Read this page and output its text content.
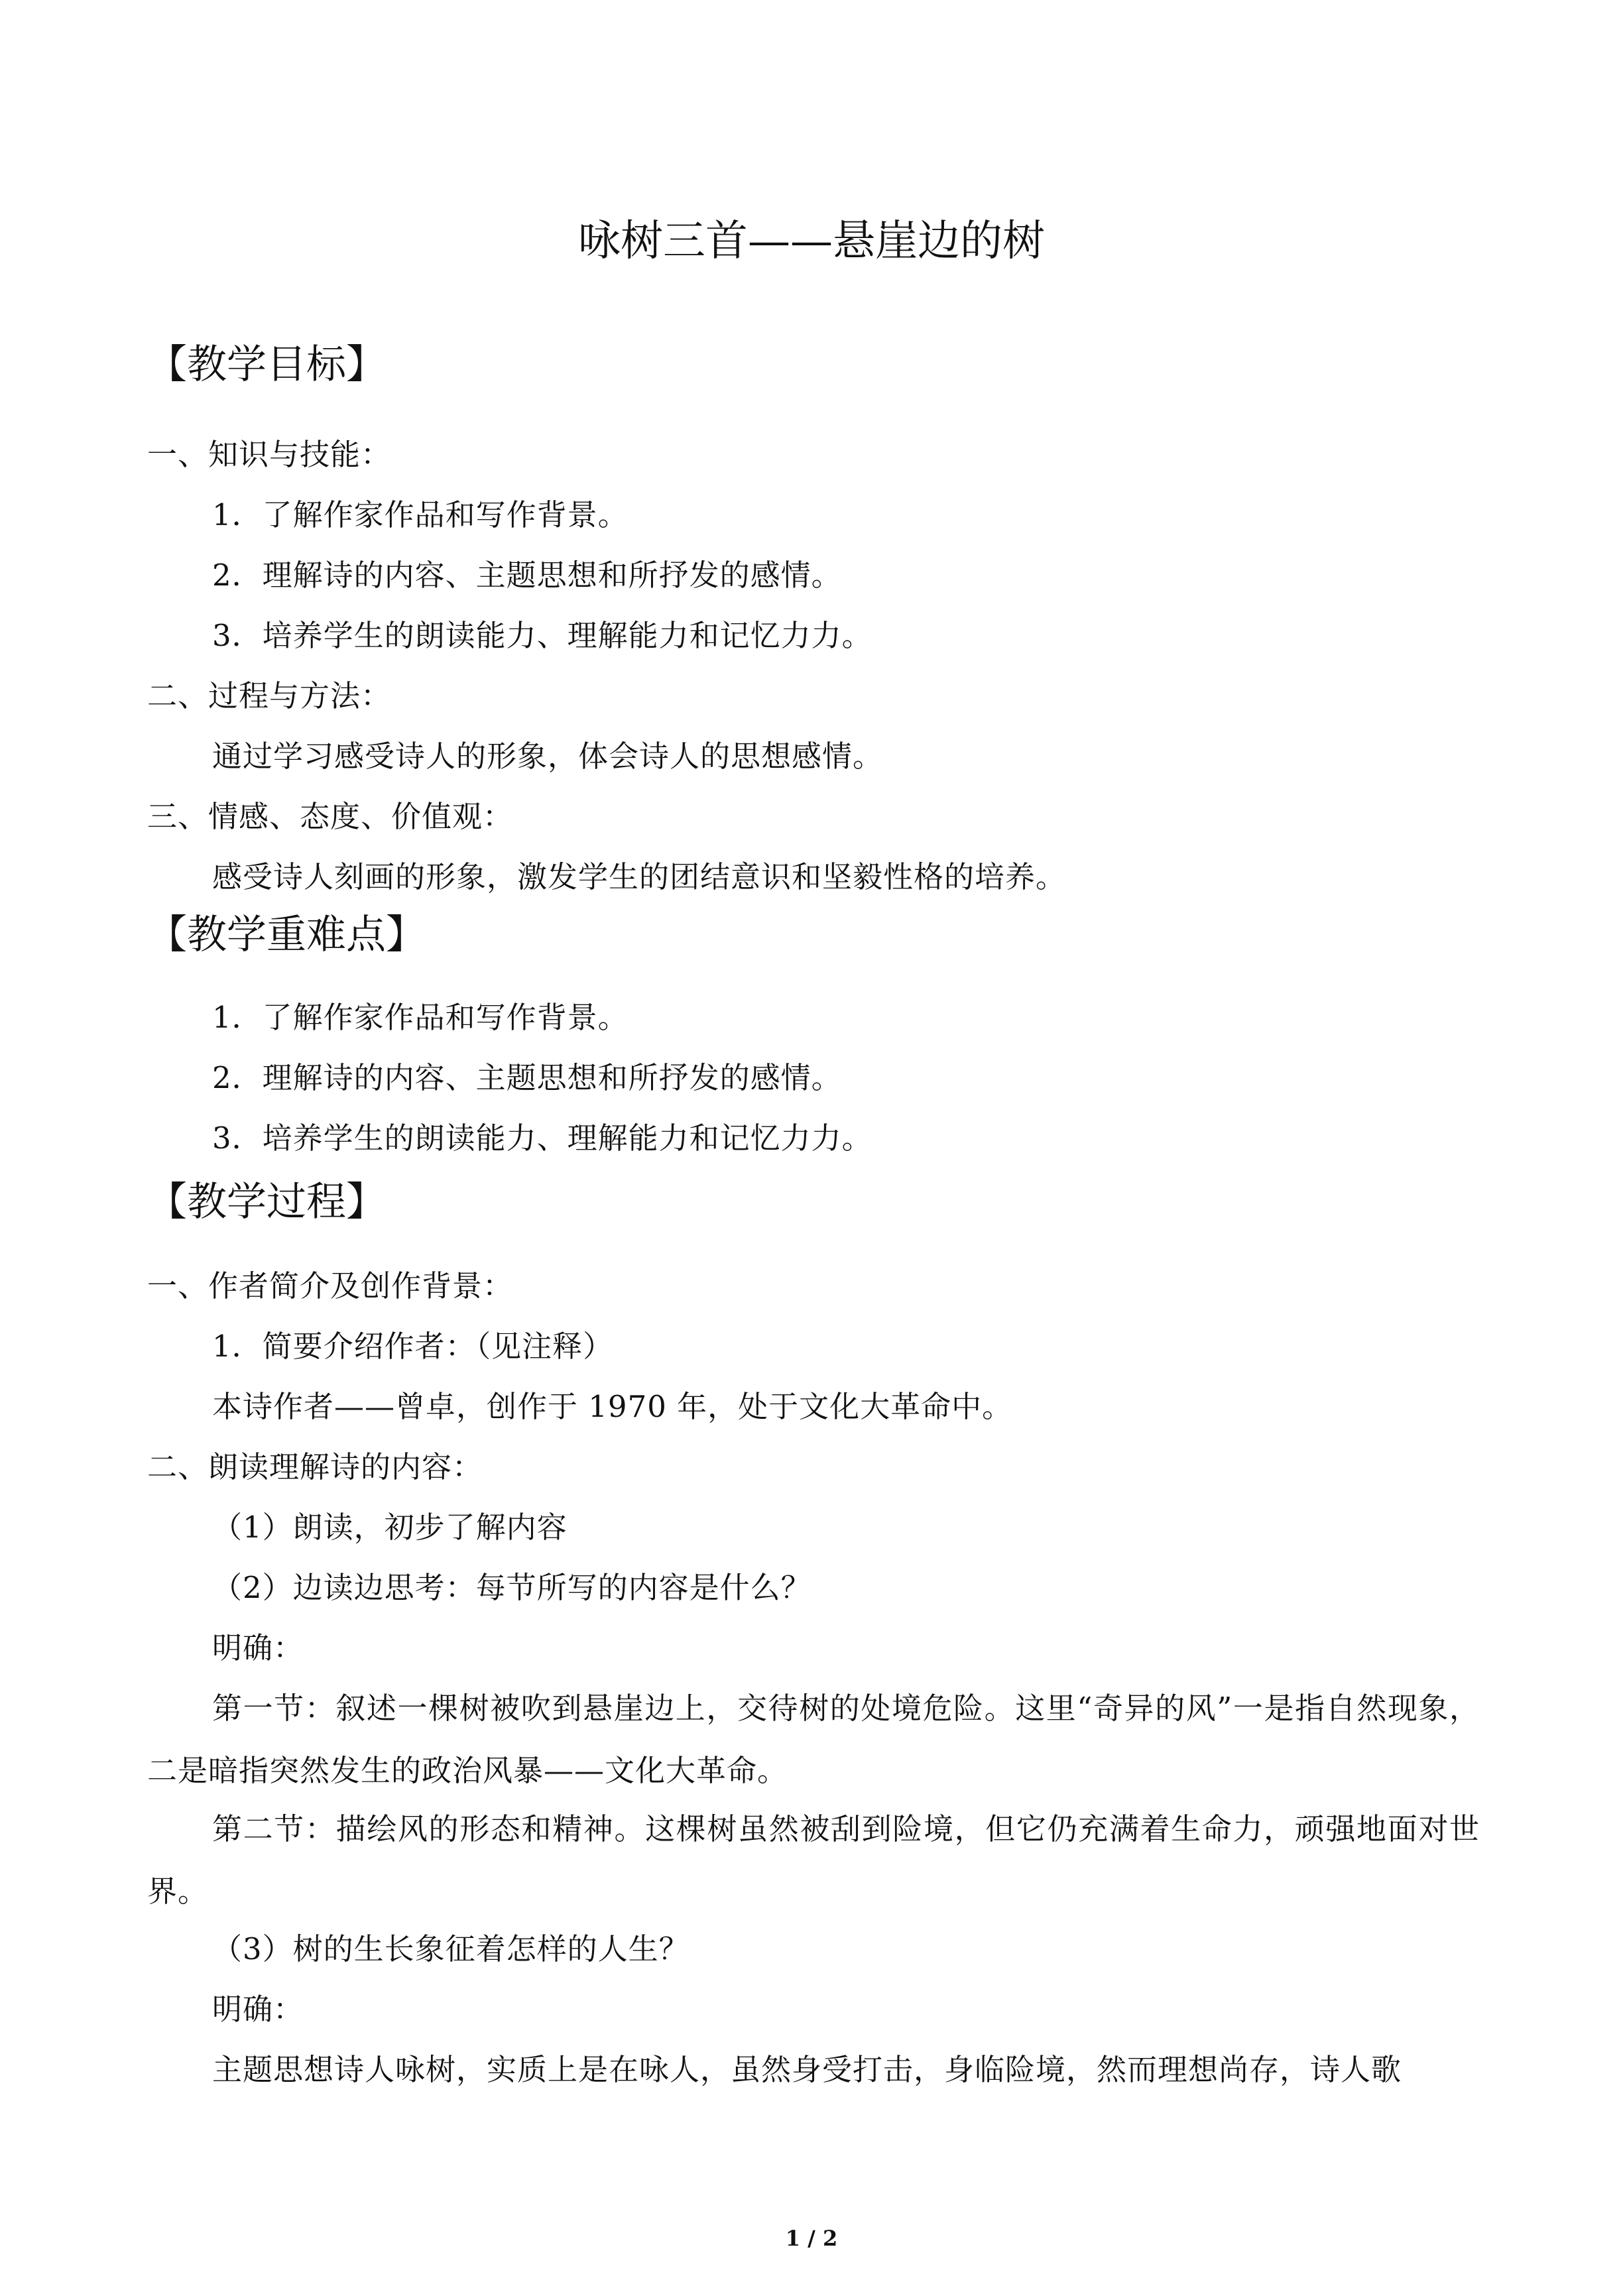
咏树三首——悬崖边的树
【教学目标】
一、知识与技能：
1．了解作家作品和写作背景。
2．理解诗的内容、主题思想和所抒发的感情。
3．培养学生的朗读能力、理解能力和记忆力力。
二、过程与方法：
通过学习感受诗人的形象，体会诗人的思想感情。
三、情感、态度、价值观：
感受诗人刻画的形象，激发学生的团结意识和坚毅性格的培养。
【教学重难点】
1．了解作家作品和写作背景。
2．理解诗的内容、主题思想和所抒发的感情。
3．培养学生的朗读能力、理解能力和记忆力力。
【教学过程】
一、作者简介及创作背景：
1．简要介绍作者：（见注释）
本诗作者——曾卓，创作于 1970 年，处于文化大革命中。
二、朗读理解诗的内容：
（1）朗读，初步了解内容
（2）边读边思考：每节所写的内容是什么？
明确：
第一节：叙述一棵树被吹到悬崖边上，交待树的处境危险。这里“奇异的风”一是指自然现象，二是暗指突然发生的政治风暴——文化大革命。
第二节：描绘风的形态和精神。这棵树虽然被刮到险境，但它仍充满着生命力，顽强地面对世界。
（3）树的生长象征着怎样的人生？
明确：
主题思想诗人咏树，实质上是在咏人，虽然身受打击，身临险境，然而理想尚存，诗人歌
1 / 2
